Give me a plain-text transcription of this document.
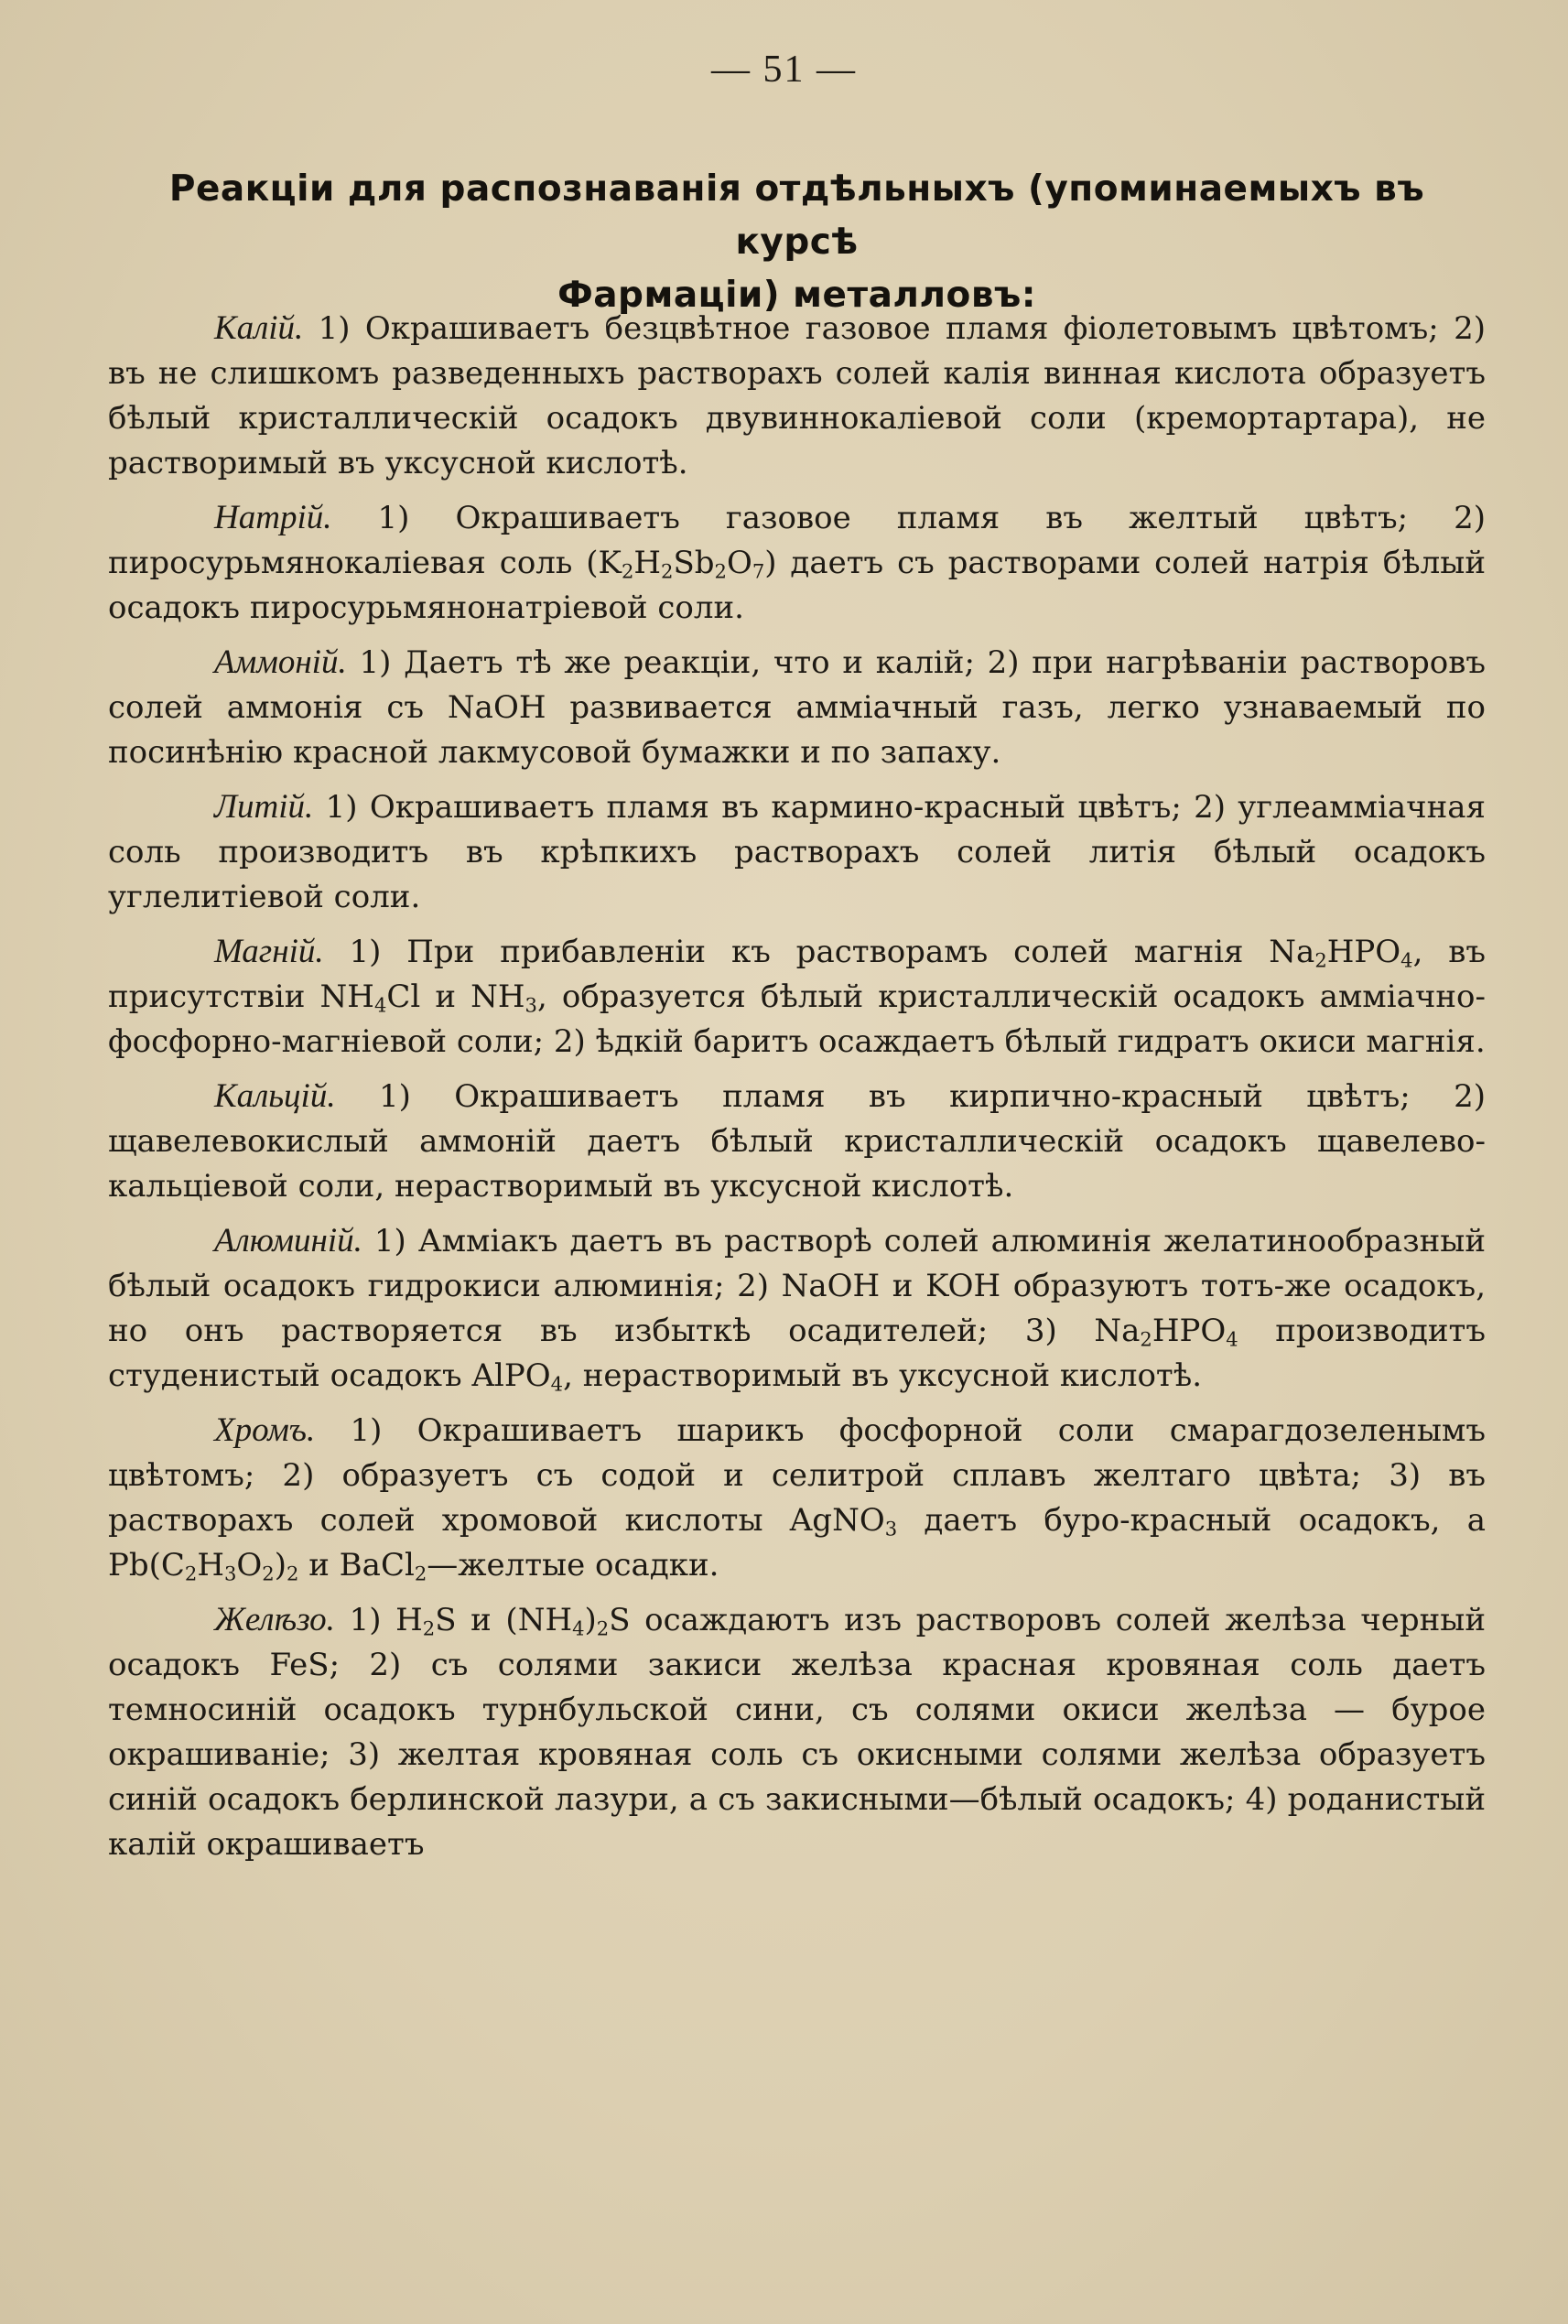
— 51 —
Реакціи для распознаванія отдѣльныхъ (упоминаемыхъ въ курсѣ
Фармаціи) металловъ:

Калій. 1) Окрашиваетъ безцвѣтное газовое пламя фіолетовымъ цвѣтомъ; 2) въ не слишкомъ разведенныхъ растворахъ солей калія винная кислота образуетъ бѣлый кристаллическій осадокъ двувиннокаліевой соли (кремортартара), не растворимый въ уксусной кислотѣ.

Натрій. 1) Окрашиваетъ газовое пламя въ желтый цвѣтъ; 2) пиросурьмянокаліевая соль $(K_2H_2Sb_2O_7)$ даетъ съ растворами солей натрія бѣлый осадокъ пиросурьмянонатріевой соли.

Аммоній. 1) Даетъ тѣ же реакціи, что и калій; 2) при нагрѣваніи растворовъ солей аммонія съ NaOH развивается амміачный газъ, легко узнаваемый по посинѣнію красной лакмусовой бумажки и по запаху.

Литій. 1) Окрашиваетъ пламя въ кармино-красный цвѣтъ; 2) углеамміачная соль производитъ въ крѣпкихъ растворахъ солей литія бѣлый осадокъ углелитіевой соли.

Магній. 1) При прибавленіи къ растворамъ солей магнія $Na_2HPO_4$, въ присутствіи $NH_4Cl$ и $NH_3$, образуется бѣлый кристаллическій осадокъ амміачно-фосфорно-магніевой соли; 2) ѣдкій баритъ осаждаетъ бѣлый гидратъ окиси магнія.

Кальцій. 1) Окрашиваетъ пламя въ кирпично-красный цвѣтъ; 2) щавелевокислый аммоній даетъ бѣлый кристаллическій осадокъ щавелево-кальціевой соли, нерастворимый въ уксусной кислотѣ.

Алюминій. 1) Амміакъ даетъ въ растворѣ солей алюминія желатинообразный бѣлый осадокъ гидрокиси алюминія; 2) NaOH и KOH образуютъ тотъ-же осадокъ, но онъ растворяется въ избыткѣ осадителей; 3) $Na_2HPO_4$ производитъ студенистый осадокъ AlPO$_4$, нерастворимый въ уксусной кислотѣ.

Хромъ. 1) Окрашиваетъ шарикъ фосфорной соли смарагдозеленымъ цвѣтомъ; 2) образуетъ съ содой и селитрой сплавъ желтаго цвѣта; 3) въ растворахъ солей хромовой кислоты AgNO$_3$ даетъ буро-красный осадокъ, а $Pb(C_2H_3O_2)_2$ и BaCl$_2$—желтые осадки.

Желѣзо. 1) $H_2S$ и $(NH_4)_2S$ осаждаютъ изъ растворовъ солей желѣза черный осадокъ FeS; 2) съ солями закиси желѣза красная кровяная соль даетъ темносиній осадокъ турнбульской сини, съ солями окиси желѣза — бурое окрашиваніе; 3) желтая кровяная соль съ окисными солями желѣза образуетъ синій осадокъ берлинской лазури, а съ закисными—бѣлый осадокъ; 4) роданистый калій окрашиваетъ
